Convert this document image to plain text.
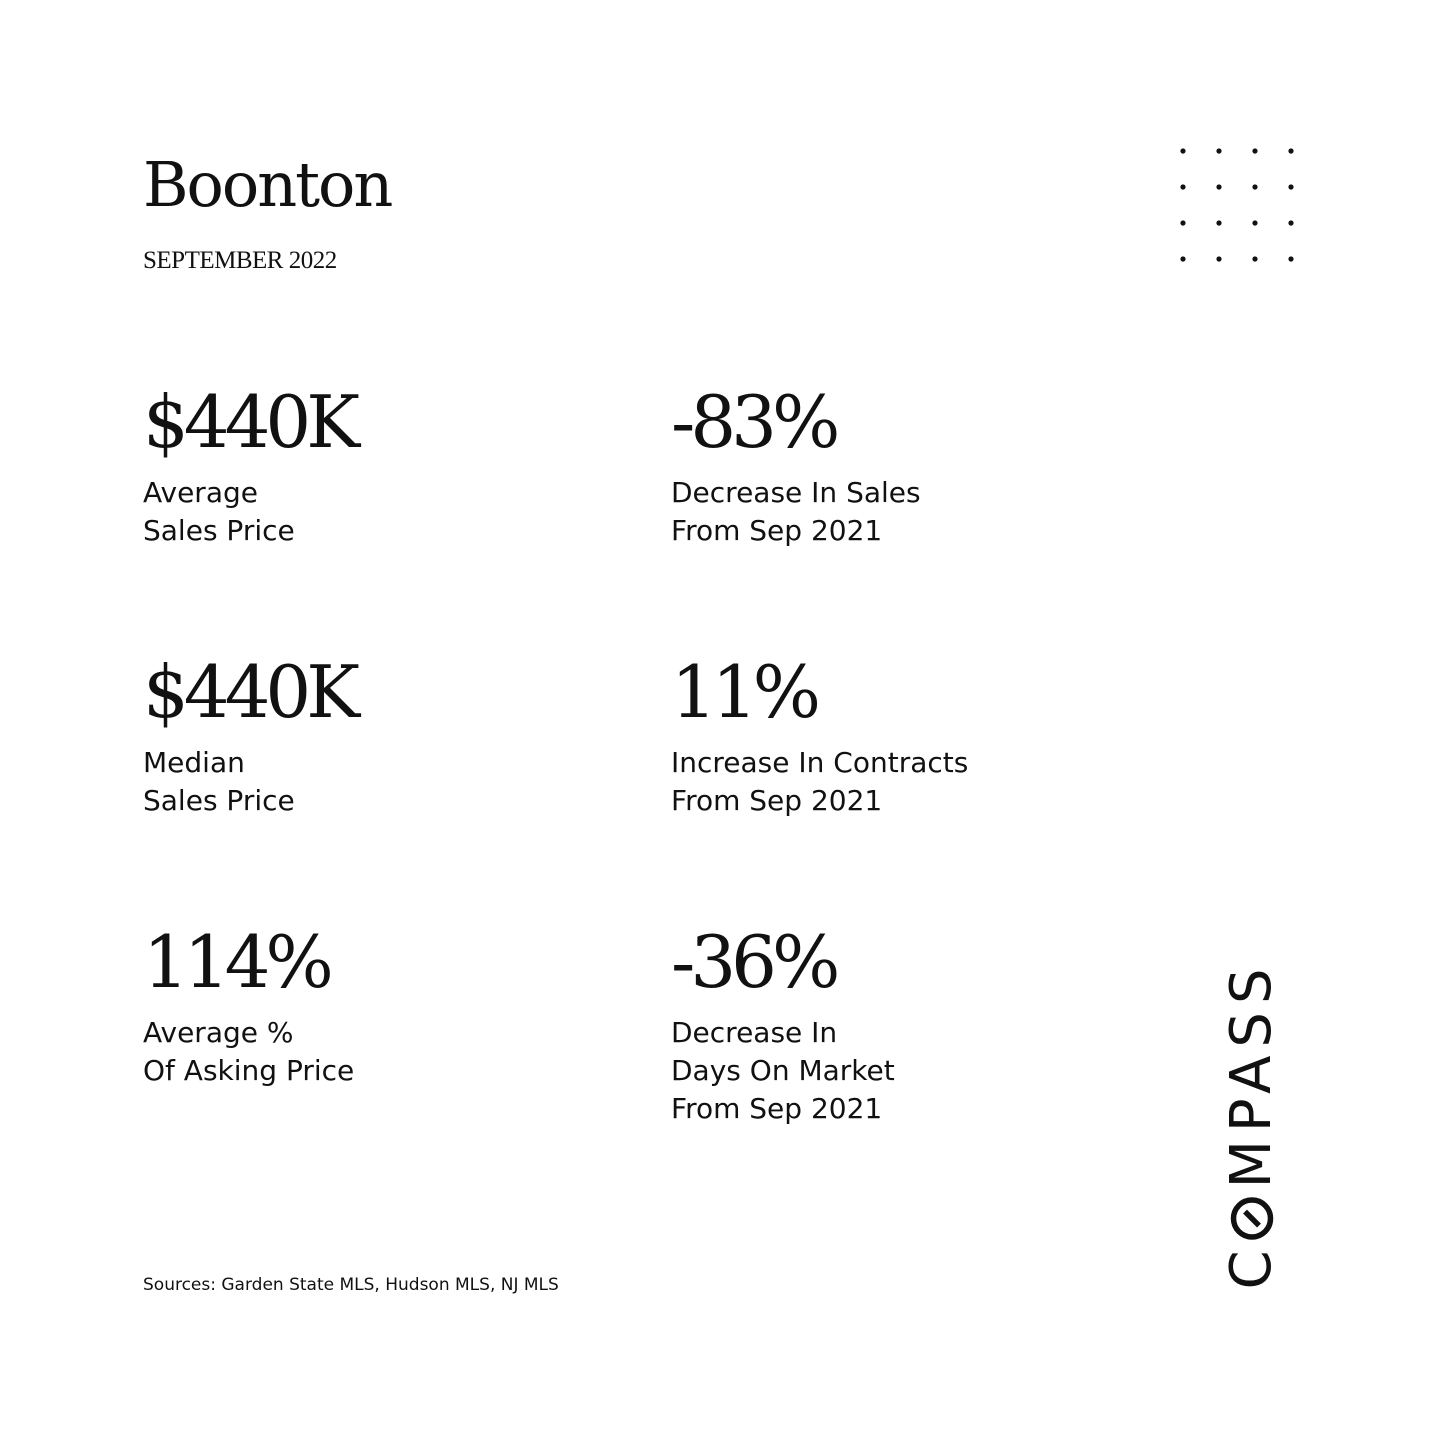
Boonton
SEPTEMBER 2022
$440K
Average
Sales Price
-83%
Decrease In Sales
From Sep 2021
$440K
Median
Sales Price
11%
Increase In Contracts
From Sep 2021
114%
Average %
Of Asking Price
-36%
Decrease In
Days On Market
From Sep 2021
Sources: Garden State MLS, Hudson MLS, NJ MLS	C
MPASS
